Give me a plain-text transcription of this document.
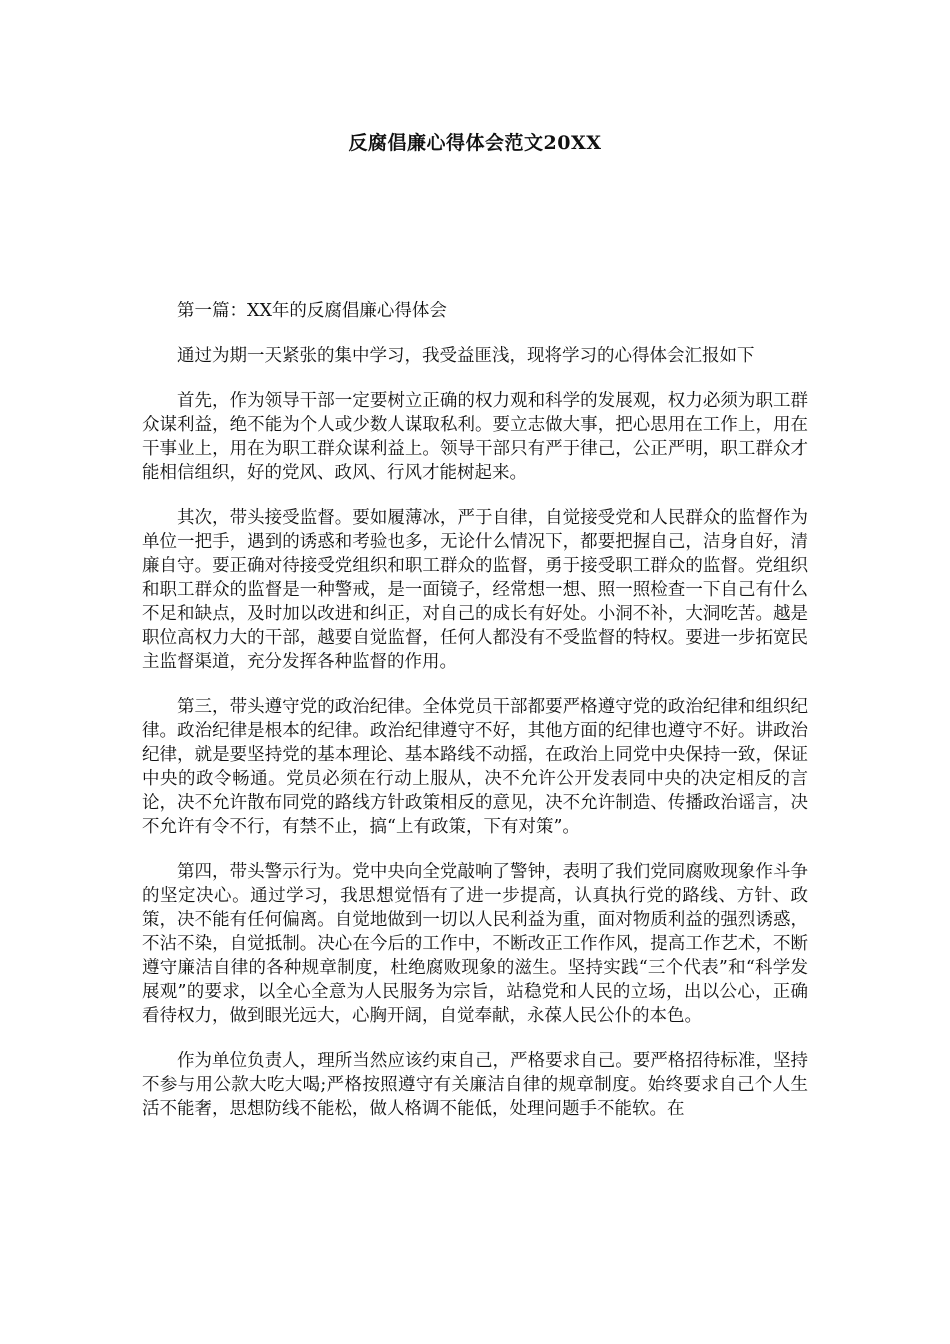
反腐倡廉心得体会范文20XX

第一篇：XX年的反腐倡廉心得体会

通过为期一天紧张的集中学习，我受益匪浅，现将学习的心得体会汇报如下

首先，作为领导干部一定要树立正确的权力观和科学的发展观，权力必须为职工群众谋利益，绝不能为个人或少数人谋取私利。要立志做大事，把心思用在工作上，用在干事业上，用在为职工群众谋利益上。领导干部只有严于律己，公正严明，职工群众才能相信组织，好的党风、政风、行风才能树起来。

其次，带头接受监督。要如履薄冰，严于自律，自觉接受党和人民群众的监督作为单位一把手，遇到的诱惑和考验也多，无论什么情况下，都要把握自己，洁身自好，清廉自守。要正确对待接受党组织和职工群众的监督，勇于接受职工群众的监督。党组织和职工群众的监督是一种警戒，是一面镜子，经常想一想、照一照检查一下自己有什么不足和缺点，及时加以改进和纠正，对自己的成长有好处。小洞不补，大洞吃苦。越是职位高权力大的干部，越要自觉监督，任何人都没有不受监督的特权。要进一步拓宽民主监督渠道，充分发挥各种监督的作用。

第三，带头遵守党的政治纪律。全体党员干部都要严格遵守党的政治纪律和组织纪律。政治纪律是根本的纪律。政治纪律遵守不好，其他方面的纪律也遵守不好。讲政治纪律，就是要坚持党的基本理论、基本路线不动摇，在政治上同党中央保持一致，保证中央的政令畅通。党员必须在行动上服从，决不允许公开发表同中央的决定相反的言论，决不允许散布同党的路线方针政策相反的意见，决不允许制造、传播政治谣言，决不允许有令不行，有禁不止，搞“上有政策，下有对策”。

第四，带头警示行为。党中央向全党敲响了警钟，表明了我们党同腐败现象作斗争的坚定决心。通过学习，我思想觉悟有了进一步提高，认真执行党的路线、方针、政策，决不能有任何偏离。自觉地做到一切以人民利益为重，面对物质利益的强烈诱惑，不沾不染，自觉抵制。决心在今后的工作中，不断改正工作作风，提高工作艺术，不断遵守廉洁自律的各种规章制度，杜绝腐败现象的滋生。坚持实践“三个代表”和“科学发展观”的要求，以全心全意为人民服务为宗旨，站稳党和人民的立场，出以公心，正确看待权力，做到眼光远大，心胸开阔，自觉奉献，永葆人民公仆的本色。

作为单位负责人，理所当然应该约束自己，严格要求自己。要严格招待标准，坚持不参与用公款大吃大喝;严格按照遵守有关廉洁自律的规章制度。始终要求自己个人生活不能奢，思想防线不能松，做人格调不能低，处理问题手不能软。在
